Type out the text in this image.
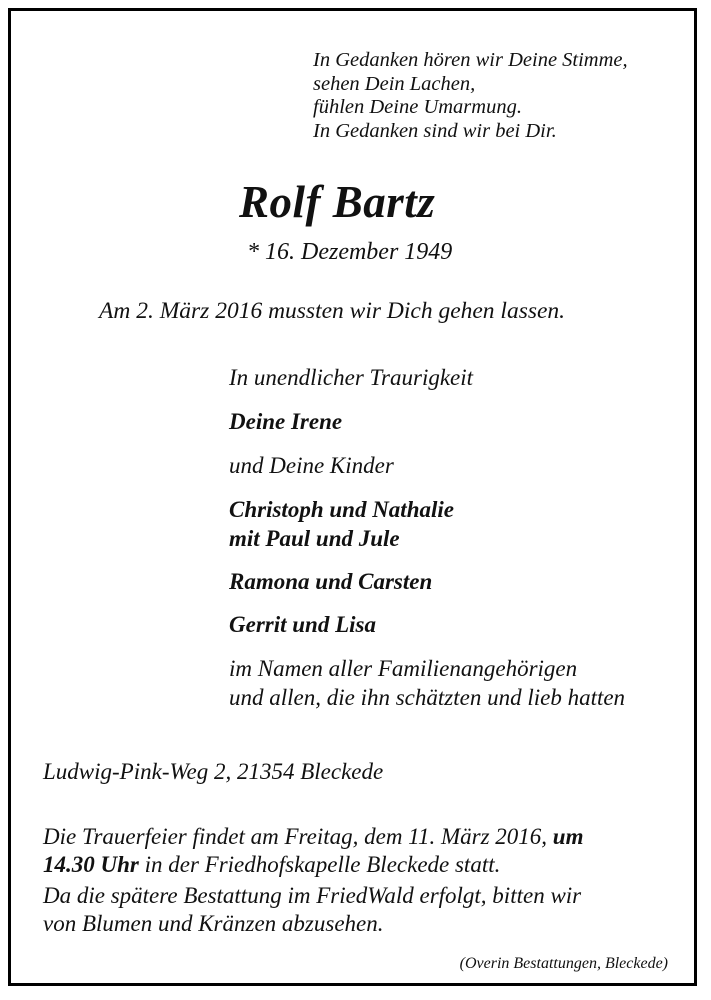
In Gedanken hören wir Deine Stimme,
sehen Dein Lachen,
fühlen Deine Umarmung.
In Gedanken sind wir bei Dir.
Rolf Bartz
* 16. Dezember 1949
Am 2. März 2016 mussten wir Dich gehen lassen.
In unendlicher Traurigkeit
Deine Irene
und Deine Kinder
Christoph und Nathalie
mit Paul und Jule
Ramona und Carsten
Gerrit und Lisa
im Namen aller Familienangehörigen
und allen, die ihn schätzten und lieb hatten
Ludwig-Pink-Weg 2, 21354 Bleckede
Die Trauerfeier findet am Freitag, dem 11. März 2016, um
14.30 Uhr in der Friedhofskapelle Bleckede statt.
Da die spätere Bestattung im FriedWald erfolgt, bitten wir
von Blumen und Kränzen abzusehen.
(Overin Bestattungen, Bleckede)
